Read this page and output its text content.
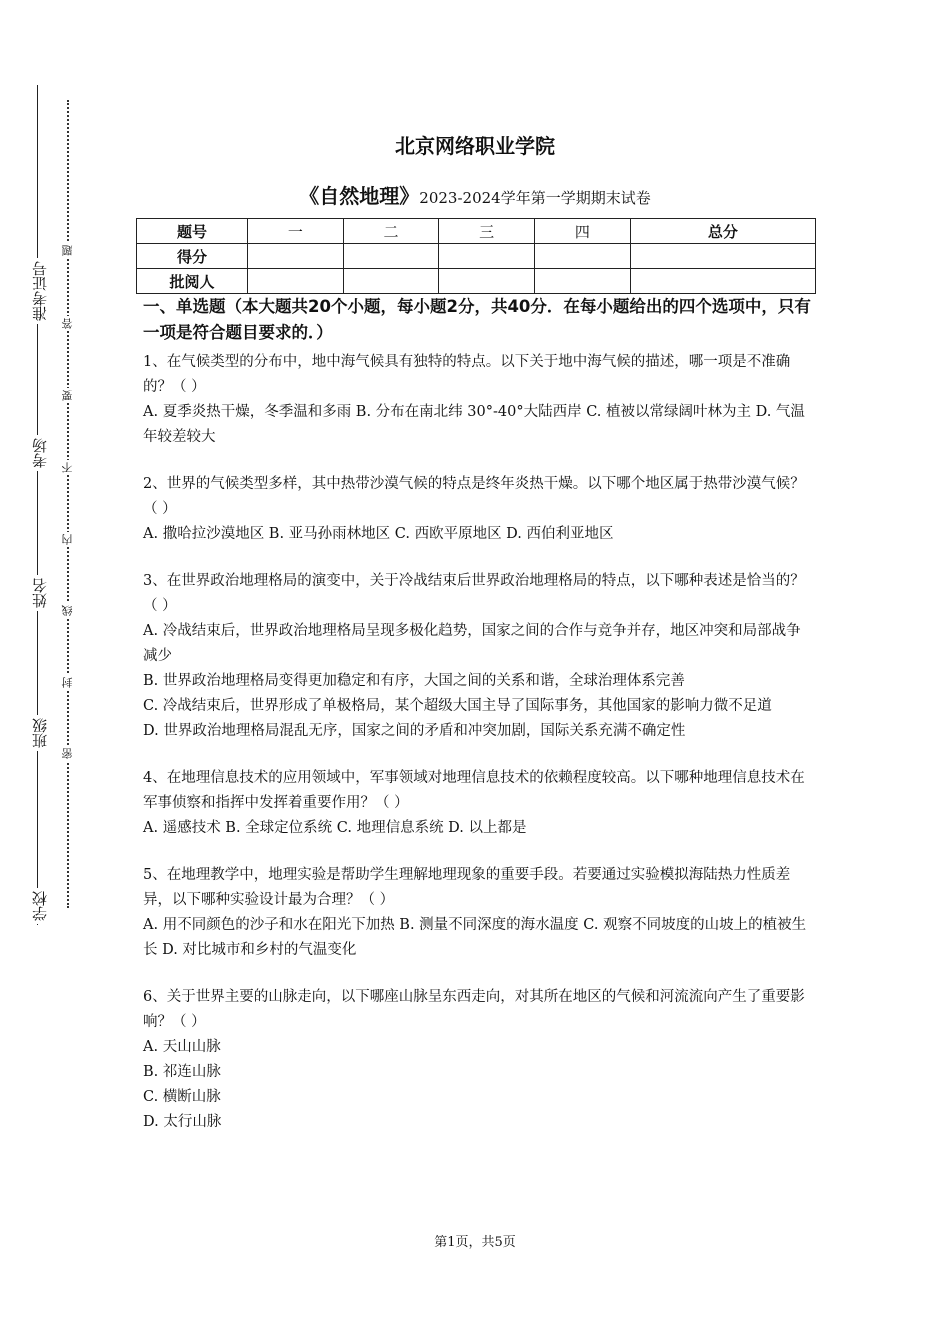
准考证号
考场
姓名
班级
学校
题
答
要
不
内
线
封
密
北京网络职业学院
《自然地理》2023-2024学年第一学期期末试卷
题号	一	二	三	四	总分
得分					
批阅人					
一、单选题（本大题共20个小题，每小题2分，共40分．在每小题给出的四个选项中，只有一项是符合题目要求的．）
1、在气候类型的分布中，地中海气候具有独特的特点。以下关于地中海气候的描述，哪一项是不准确的？（ ）
A. 夏季炎热干燥，冬季温和多雨 B. 分布在南北纬 30°-40°大陆西岸 C. 植被以常绿阔叶林为主 D. 气温年较差较大
2、世界的气候类型多样，其中热带沙漠气候的特点是终年炎热干燥。以下哪个地区属于热带沙漠气候？（ ）
A. 撒哈拉沙漠地区 B. 亚马孙雨林地区 C. 西欧平原地区 D. 西伯利亚地区
3、在世界政治地理格局的演变中，关于冷战结束后世界政治地理格局的特点，以下哪种表述是恰当的？（ ）
A. 冷战结束后，世界政治地理格局呈现多极化趋势，国家之间的合作与竞争并存，地区冲突和局部战争减少
B. 世界政治地理格局变得更加稳定和有序，大国之间的关系和谐，全球治理体系完善
C. 冷战结束后，世界形成了单极格局，某个超级大国主导了国际事务，其他国家的影响力微不足道
D. 世界政治地理格局混乱无序，国家之间的矛盾和冲突加剧，国际关系充满不确定性
4、在地理信息技术的应用领域中，军事领域对地理信息技术的依赖程度较高。以下哪种地理信息技术在军事侦察和指挥中发挥着重要作用？（ ）
A. 遥感技术 B. 全球定位系统 C. 地理信息系统 D. 以上都是
5、在地理教学中，地理实验是帮助学生理解地理现象的重要手段。若要通过实验模拟海陆热力性质差异，以下哪种实验设计最为合理？（ ）
A. 用不同颜色的沙子和水在阳光下加热 B. 测量不同深度的海水温度 C. 观察不同坡度的山坡上的植被生长 D. 对比城市和乡村的气温变化
6、关于世界主要的山脉走向，以下哪座山脉呈东西走向，对其所在地区的气候和河流流向产生了重要影响？（ ）
A. 天山山脉
B. 祁连山脉
C. 横断山脉
D. 太行山脉
第1页，共5页
